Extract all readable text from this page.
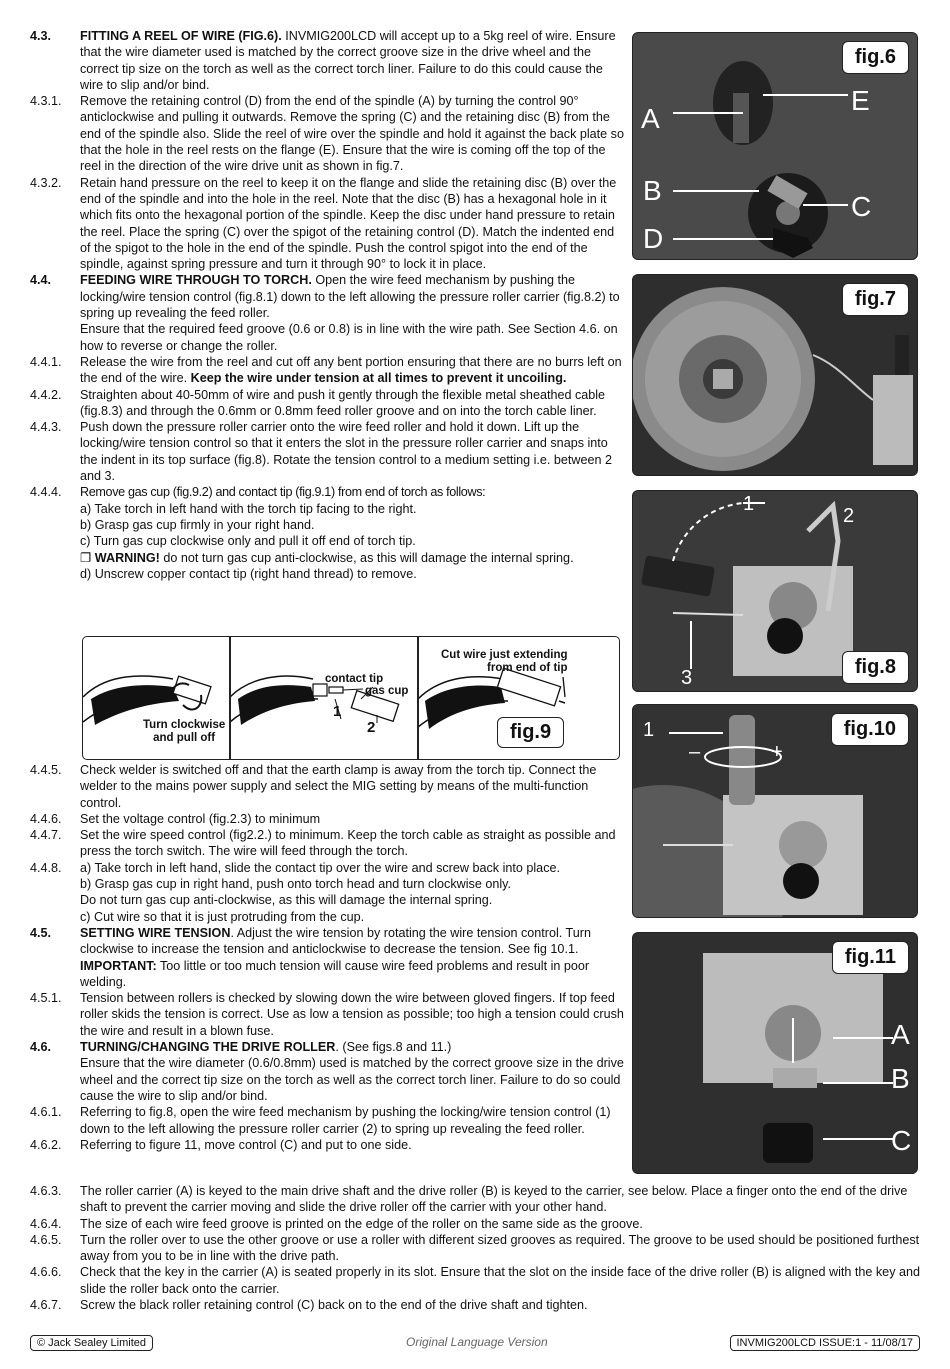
4.3.	FITTING A REEL OF WIRE (FIG.6). INVMIG200LCD will accept up to a 5kg reel of wire. Ensure that the wire diameter used is matched by the correct groove size in the drive wheel and the correct tip size on the torch as well as the correct torch liner. Failure to do this could cause the wire to slip and/or bind.
4.3.1.	Remove the retaining control (D) from the end of the spindle (A) by turning the control 90° anticlockwise and pulling it outwards. Remove the spring (C) and the retaining disc (B) from the end of the spindle also. Slide the reel of wire over the spindle and hold it against the back plate so that the hole in the reel rests on the flange (E). Ensure that the wire is coming off the top of the reel in the direction of the wire drive unit as shown in fig.7.
4.3.2.	Retain hand pressure on the reel to keep it on the flange and slide the retaining disc (B) over the end of the spindle and into the hole in the reel. Note that the disc (B) has a hexagonal hole in it which fits onto the hexagonal portion of the spindle. Keep the disc under hand pressure to retain the reel. Place the spring (C) over the spigot of the retaining control (D). Match the indented end of the spigot to the hole in the end of the spindle. Push the control spigot into the end of the spindle, against spring pressure and turn it through 90° to lock it in place.
4.4.	FEEDING WIRE THROUGH TO TORCH. Open the wire feed mechanism by pushing the locking/wire tension control (fig.8.1) down to the left allowing the pressure roller carrier (fig.8.2) to spring up revealing the feed roller.
Ensure that the required feed groove (0.6 or 0.8) is in line with the wire path. See Section 4.6. on how to reverse or change the roller.
4.4.1.	Release the wire from the reel and cut off any bent portion ensuring that there are no burrs left on the end of the wire. Keep the wire under tension at all times to prevent it uncoiling.
4.4.2.	Straighten about 40-50mm of wire and push it gently through the flexible metal sheathed cable (fig.8.3) and through the 0.6mm or 0.8mm feed roller groove and on into the torch cable liner.
4.4.3.	Push down the pressure roller carrier onto the wire feed roller and hold it down. Lift up the locking/wire tension control so that it enters the slot in the pressure roller carrier and snaps into the indent in its top surface (fig.8). Rotate the tension control to a medium setting i.e. between 2 and 3.
4.4.4.	Remove gas cup (fig.9.2) and contact tip (fig.9.1) from end of torch as follows:
a) Take torch in left hand with the torch tip facing to the right.
b) Grasp gas cup firmly in your right hand.
c) Turn gas cup clockwise only and pull it off end of torch tip.
❐ WARNING! do not turn gas cup anti-clockwise, as this will damage the internal spring.
d) Unscrew copper contact tip (right hand thread) to remove.
Turn clockwise
and pull off
contact tip
gas cup
1
2
Cut wire just extending
from end of tip
fig.9
4.4.5.	Check welder is switched off and that the earth clamp is away from the torch tip. Connect the welder to the mains power supply and select the MIG setting by means of the multi-function control.
4.4.6.	Set the voltage control (fig.2.3) to minimum
4.4.7.	Set the wire speed control (fig2.2.) to minimum. Keep the torch cable as straight as possible and press the torch switch. The wire will feed through the torch.
4.4.8.	a) Take torch in left hand, slide the contact tip over the wire and screw back into place.
b) Grasp gas cup in right hand, push onto torch head and turn clockwise only.
Do not turn gas cup anti-clockwise, as this will damage the internal spring.
c) Cut wire so that it is just protruding from the cup.
4.5.	SETTING WIRE TENSION. Adjust the wire tension by rotating the wire tension control. Turn clockwise to increase the tension and anticlockwise to decrease the tension. See fig 10.1.
IMPORTANT: Too little or too much tension will cause wire feed problems and result in poor welding.
4.5.1.	Tension between rollers is checked by slowing down the wire between gloved fingers. If top feed roller skids the tension is correct. Use as low a tension as possible; too high a tension could crush the wire and result in a blown fuse.
4.6.	TURNING/CHANGING THE DRIVE ROLLER. (See figs.8 and 11.)
Ensure that the wire diameter (0.6/0.8mm) used is matched by the correct groove size in the drive wheel and the correct tip size on the torch as well as the correct torch liner. Failure to do so could cause the wire to slip and/or bind.
4.6.1.	Referring to fig.8, open the wire feed mechanism by pushing the locking/wire tension control (1) down to the left allowing the pressure roller carrier (2) to spring up revealing the feed roller.
4.6.2.	Referring to figure 11, move control (C) and put to one side.
4.6.3.	The roller carrier (A) is keyed to the main drive shaft and the drive roller (B) is keyed to the carrier, see below. Place a finger onto the end of the drive shaft to prevent the carrier moving and slide the drive roller off the carrier with your other hand.
4.6.4.	The size of each wire feed groove is printed on the edge of the roller on the same side as the groove.
4.6.5.	Turn the roller over to use the other groove or use a roller with different sized grooves as required. The groove to be used should be positioned furthest away from you to be in line with the drive path.
4.6.6.	Check that the key in the carrier (A) is seated properly in its slot. Ensure that the slot on the inside face of the drive roller (B) is aligned with the key and slide the roller back onto the carrier.
4.6.7.	Screw the black roller retaining control (C) back on to the end of the drive shaft and tighten.
A
B
C
D
E
fig.6
fig.7
1
2
3	fig.8
1
–	+
fig.10
A
B
C
fig.11
© Jack Sealey Limited	Original Language Version	INVMIG200LCD ISSUE:1 - 11/08/17
